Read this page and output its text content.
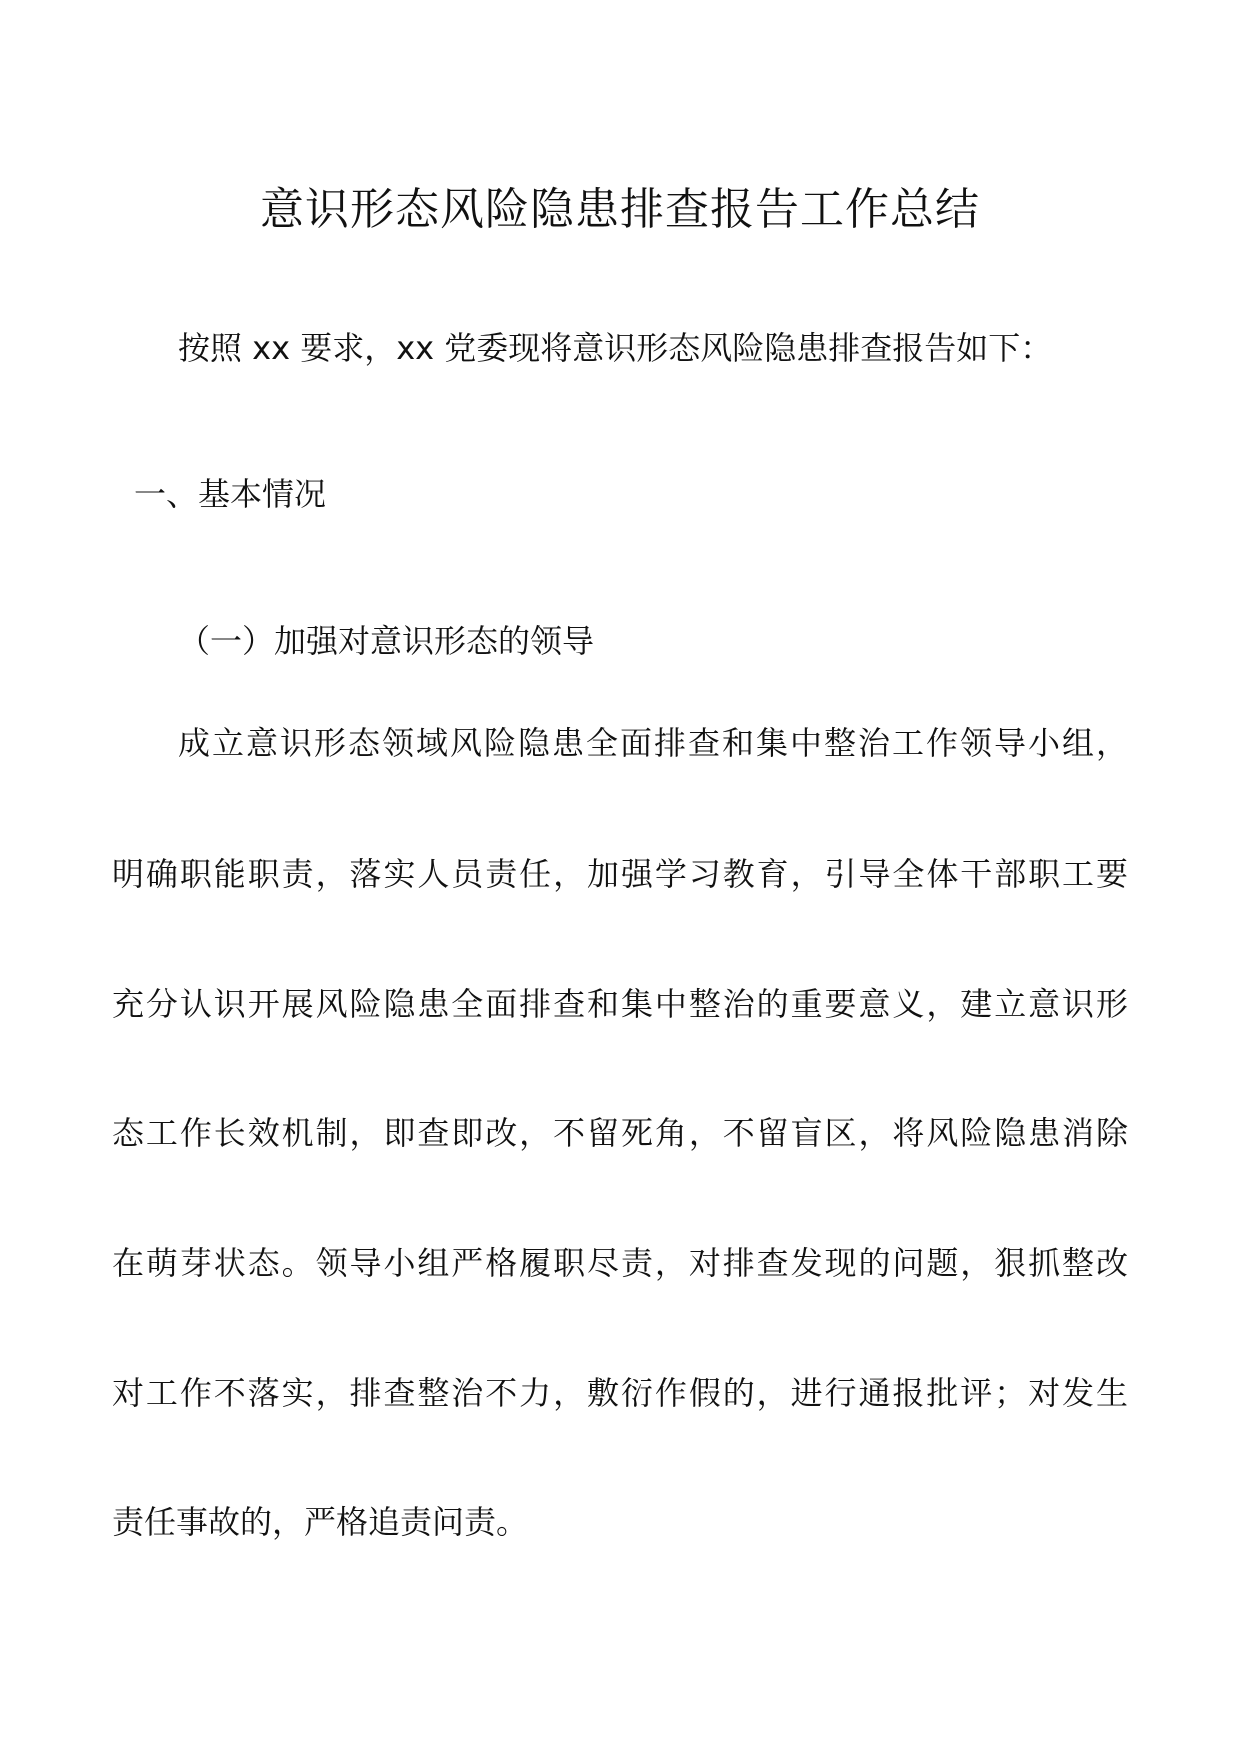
意识形态风险隐患排查报告工作总结
按照 xx 要求，xx 党委现将意识形态风险隐患排查报告如下：
一、基本情况
（一）加强对意识形态的领导
成立意识形态领域风险隐患全面排查和集中整治工作领导小组，
明确职能职责，落实人员责任，加强学习教育，引导全体干部职工要
充分认识开展风险隐患全面排查和集中整治的重要意义，建立意识形
态工作长效机制，即查即改，不留死角，不留盲区，将风险隐患消除
在萌芽状态。领导小组严格履职尽责，对排查发现的问题，狠抓整改
对工作不落实，排查整治不力，敷衍作假的，进行通报批评；对发生
责任事故的，严格追责问责。
